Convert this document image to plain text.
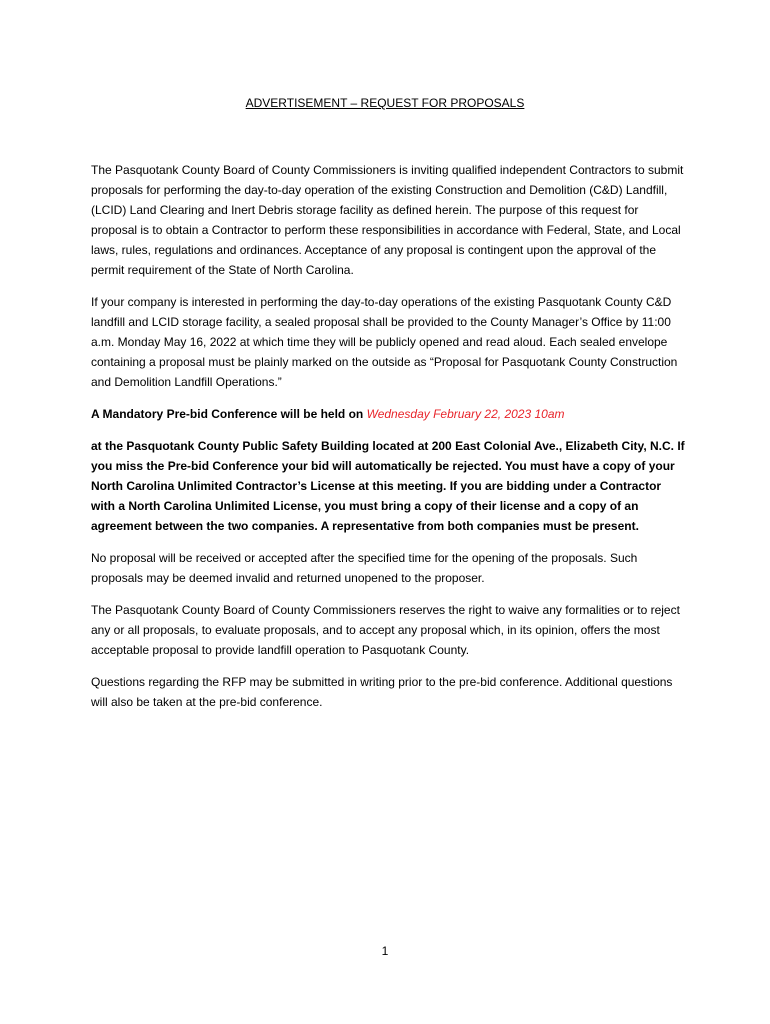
ADVERTISEMENT – REQUEST FOR PROPOSALS

The Pasquotank County Board of County Commissioners is inviting qualified independent Contractors to submit proposals for performing the day-to-day operation of the existing Construction and Demolition (C&D) Landfill, (LCID) Land Clearing and Inert Debris storage facility as defined herein. The purpose of this request for proposal is to obtain a Contractor to perform these responsibilities in accordance with Federal, State, and Local laws, rules, regulations and ordinances. Acceptance of any proposal is contingent upon the approval of the permit requirement of the State of North Carolina.

If your company is interested in performing the day-to-day operations of the existing Pasquotank County C&D landfill and LCID storage facility, a sealed proposal shall be provided to the County Manager’s Office by 11:00 a.m. Monday May 16, 2022 at which time they will be publicly opened and read aloud. Each sealed envelope containing a proposal must be plainly marked on the outside as “Proposal for Pasquotank County Construction and Demolition Landfill Operations.”

A Mandatory Pre-bid Conference will be held on Wednesday February 22, 2023 10am

at the Pasquotank County Public Safety Building located at 200 East Colonial Ave., Elizabeth City, N.C. If you miss the Pre-bid Conference your bid will automatically be rejected. You must have a copy of your North Carolina Unlimited Contractor’s License at this meeting. If you are bidding under a Contractor with a North Carolina Unlimited License, you must bring a copy of their license and a copy of an agreement between the two companies. A representative from both companies must be present.

No proposal will be received or accepted after the specified time for the opening of the proposals. Such proposals may be deemed invalid and returned unopened to the proposer.

The Pasquotank County Board of County Commissioners reserves the right to waive any formalities or to reject any or all proposals, to evaluate proposals, and to accept any proposal which, in its opinion, offers the most acceptable proposal to provide landfill operation to Pasquotank County.

Questions regarding the RFP may be submitted in writing prior to the pre-bid conference. Additional questions will also be taken at the pre-bid conference.

1
